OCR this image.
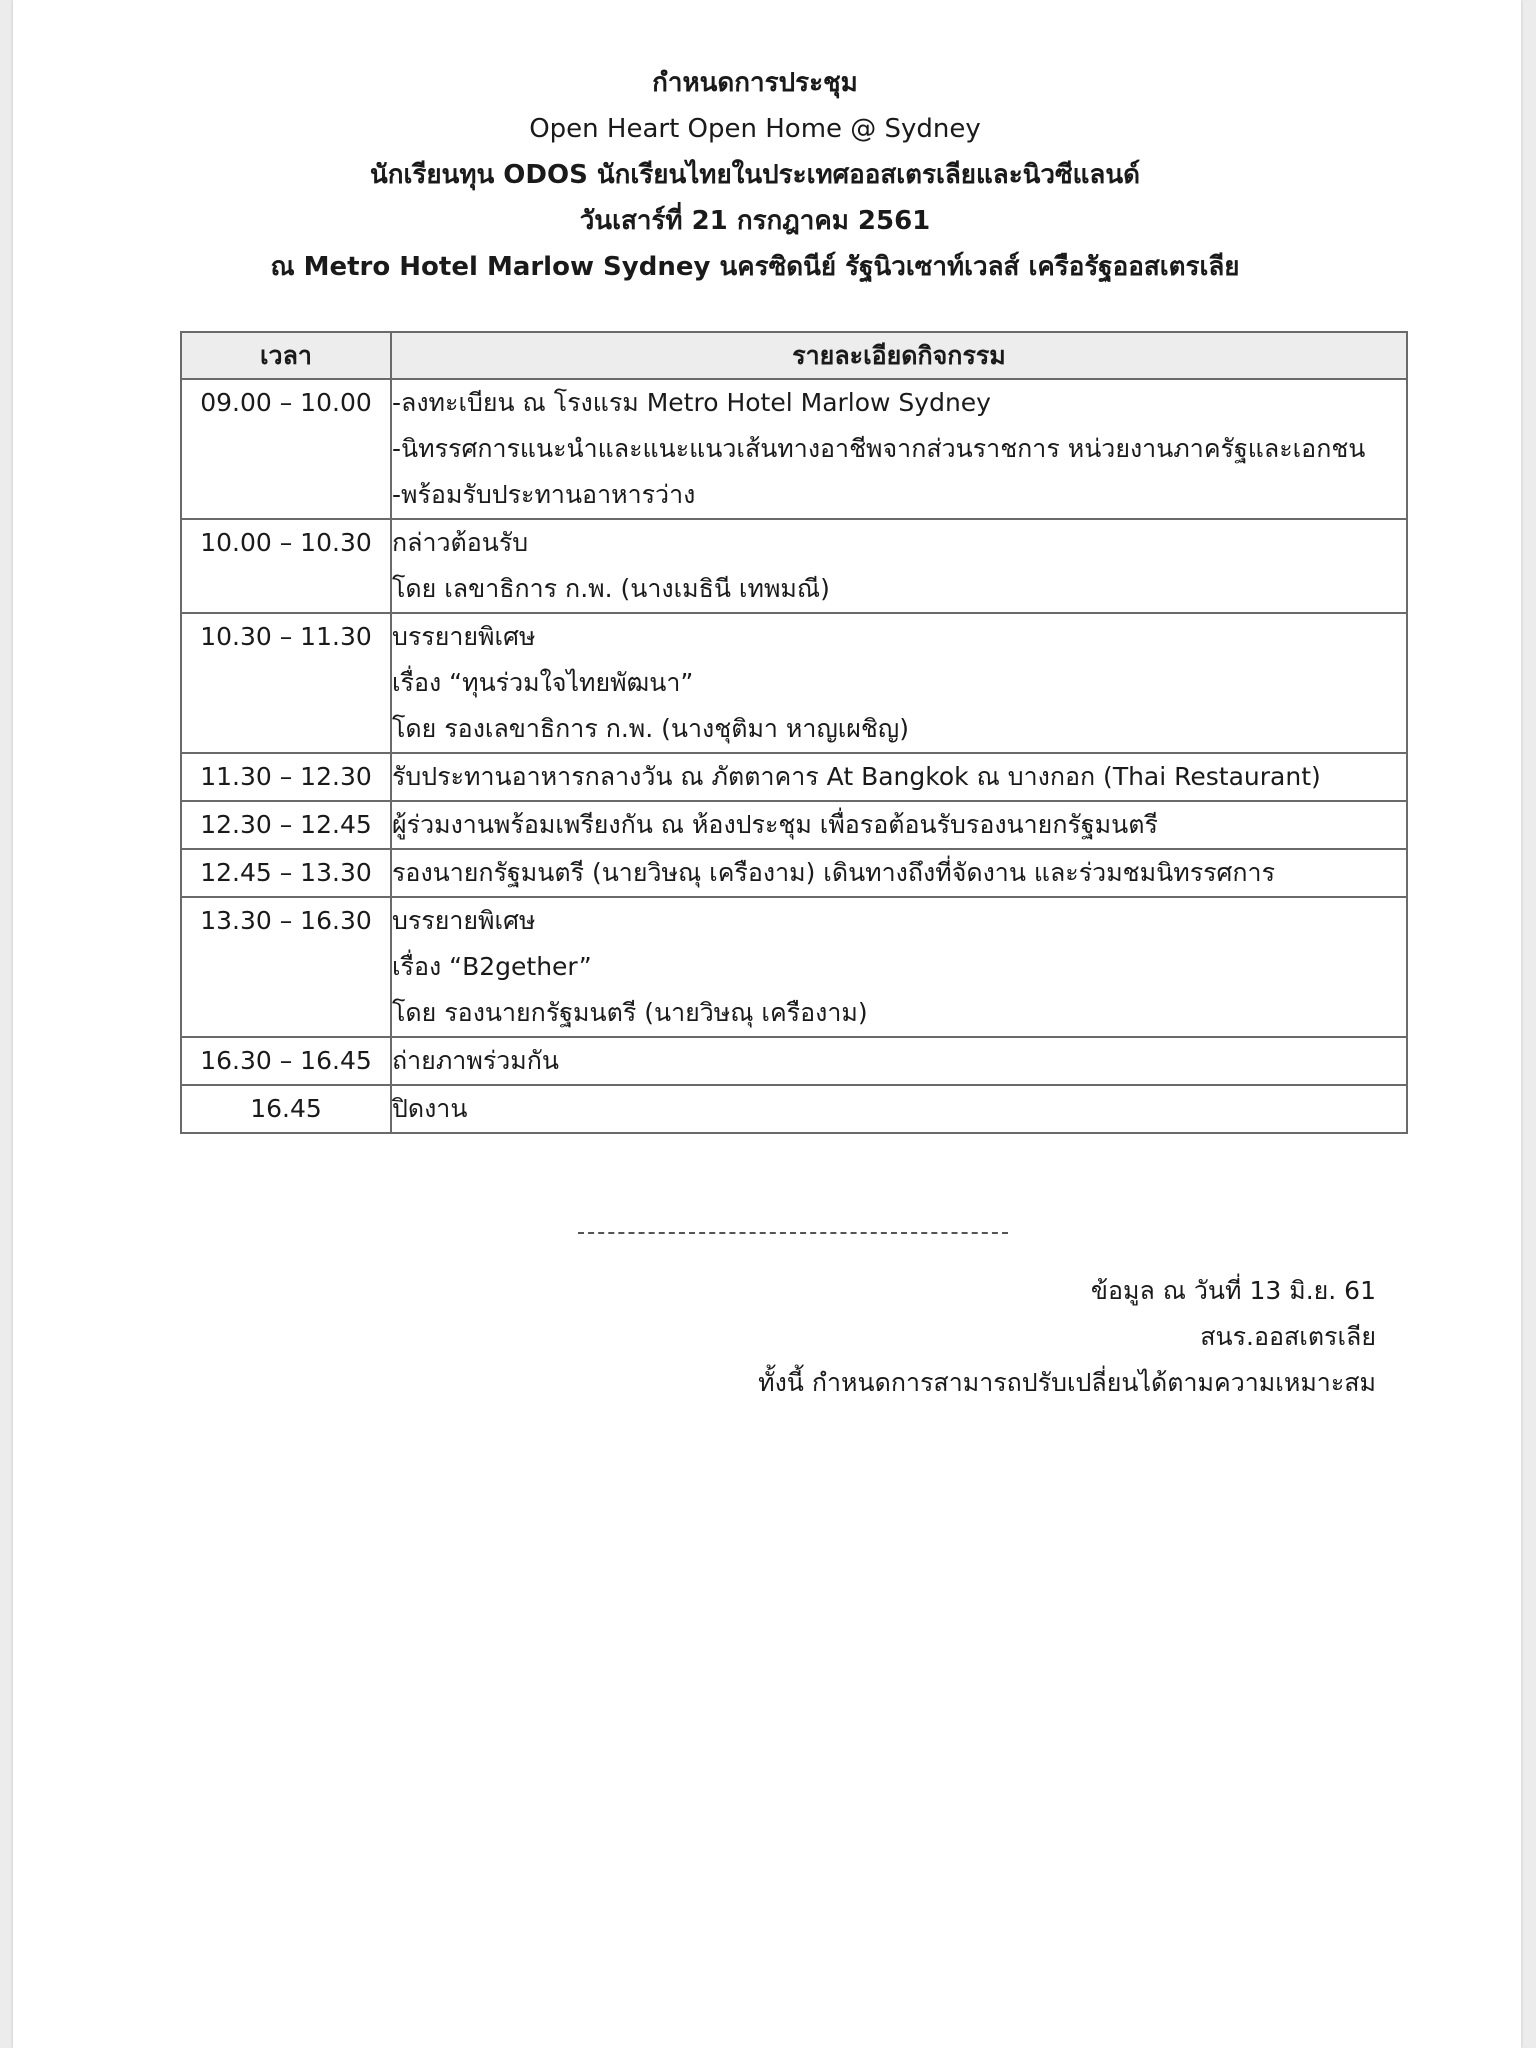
กำหนดการประชุม
Open Heart Open Home @ Sydney
นักเรียนทุน ODOS นักเรียนไทยในประเทศออสเตรเลียและนิวซีแลนด์
วันเสาร์ที่ 21 กรกฎาคม 2561
ณ Metro Hotel Marlow Sydney นครซิดนีย์ รัฐนิวเซาท์เวลส์ เครือรัฐออสเตรเลีย
เวลา	รายละเอียดกิจกรรม
09.00 – 10.00	-ลงทะเบียน ณ โรงแรม Metro Hotel Marlow Sydney
-นิทรรศการแนะนำและแนะแนวเส้นทางอาชีพจากส่วนราชการ หน่วยงานภาครัฐและเอกชน
-พร้อมรับประทานอาหารว่าง

10.00 – 10.30	กล่าวต้อนรับ
โดย เลขาธิการ ก.พ. (นางเมธินี เทพมณี)

10.30 – 11.30	บรรยายพิเศษ
เรื่อง “ทุนร่วมใจไทยพัฒนา”
โดย รองเลขาธิการ ก.พ. (นางชุติมา หาญเผชิญ)

11.30 – 12.30	รับประทานอาหารกลางวัน ณ ภัตตาคาร At Bangkok ณ บางกอก (Thai Restaurant)

12.30 – 12.45	ผู้ร่วมงานพร้อมเพรียงกัน ณ ห้องประชุม เพื่อรอต้อนรับรองนายกรัฐมนตรี

12.45 – 13.30	รองนายกรัฐมนตรี (นายวิษณุ เครืองาม) เดินทางถึงที่จัดงาน และร่วมชมนิทรรศการ

13.30 – 16.30	บรรยายพิเศษ
เรื่อง “B2gether”
โดย รองนายกรัฐมนตรี (นายวิษณุ เครืองาม)

16.30 – 16.45	ถ่ายภาพร่วมกัน

16.45	ปิดงาน
ข้อมูล ณ วันที่ 13 มิ.ย. 61
สนร.ออสเตรเลีย
ทั้งนี้ กำหนดการสามารถปรับเปลี่ยนได้ตามความเหมาะสม
